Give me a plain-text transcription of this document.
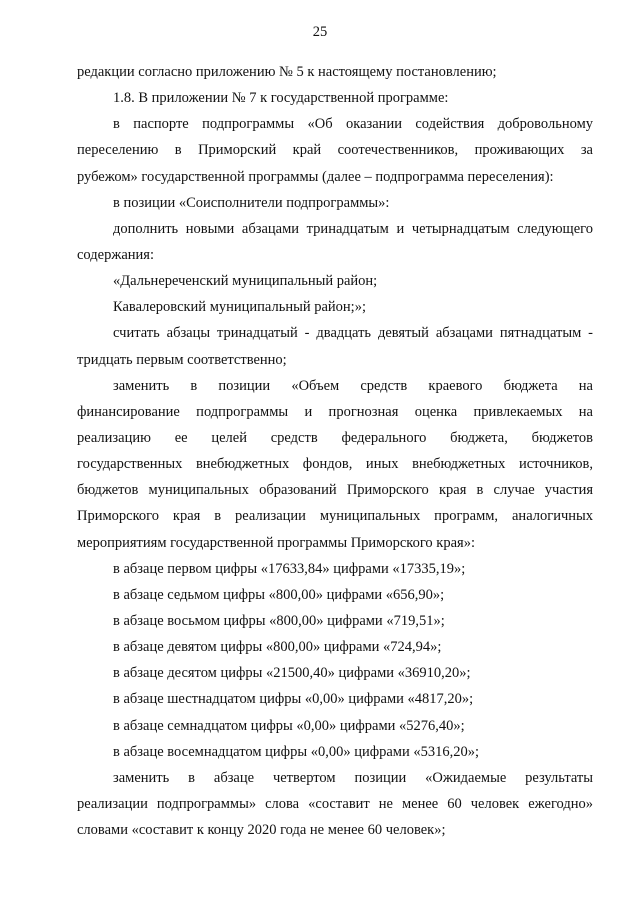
25
редакции согласно приложению № 5 к настоящему постановлению;
1.8. В приложении № 7 к государственной программе:
в паспорте подпрограммы «Об оказании содействия добровольному
переселению в Приморский край соотечественников, проживающих за
рубежом» государственной программы (далее – подпрограмма переселения):
в позиции «Соисполнители подпрограммы»:
дополнить новыми абзацами тринадцатым и четырнадцатым следующего
содержания:
«Дальнереченский муниципальный район;
Кавалеровский муниципальный район;»;
считать абзацы тринадцатый - двадцать девятый абзацами пятнадцатым -
тридцать первым соответственно;
заменить в позиции «Объем средств краевого бюджета на
финансирование подпрограммы и прогнозная оценка привлекаемых на
реализацию ее целей средств федерального бюджета, бюджетов
государственных внебюджетных фондов, иных внебюджетных источников,
бюджетов муниципальных образований Приморского края в случае участия
Приморского края в реализации муниципальных программ, аналогичных
мероприятиям государственной программы Приморского края»:
в абзаце первом цифры «17633,84» цифрами «17335,19»;
в абзаце седьмом цифры «800,00» цифрами «656,90»;
в абзаце восьмом цифры «800,00» цифрами «719,51»;
в абзаце девятом цифры «800,00» цифрами «724,94»;
в абзаце десятом цифры «21500,40» цифрами «36910,20»;
в абзаце шестнадцатом цифры «0,00» цифрами «4817,20»;
в абзаце семнадцатом цифры «0,00» цифрами «5276,40»;
в абзаце восемнадцатом цифры «0,00» цифрами «5316,20»;
заменить в абзаце четвертом позиции «Ожидаемые результаты
реализации подпрограммы» слова «составит не менее 60 человек ежегодно»
словами «составит к концу 2020 года не менее 60 человек»;
